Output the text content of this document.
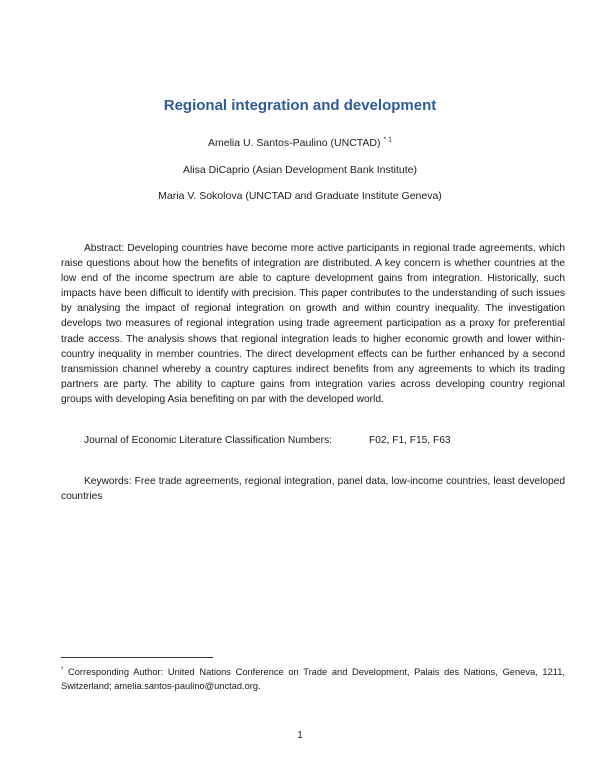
Regional integration and development
Amelia U. Santos-Paulino (UNCTAD) $^{* 1}$
Alisa DiCaprio (Asian Development Bank Institute)
Maria V. Sokolova (UNCTAD and Graduate Institute Geneva)

Abstract: Developing countries have become more active participants in regional trade agreements, which raise questions about how the benefits of integration are distributed. A key concern is whether countries at the low end of the income spectrum are able to capture development gains from integration. Historically, such impacts have been difficult to identify with precision. This paper contributes to the understanding of such issues by analysing the impact of regional integration on growth and within country inequality. The investigation develops two measures of regional integration using trade agreement participation as a proxy for preferential trade access. The analysis shows that regional integration leads to higher economic growth and lower within-country inequality in member countries. The direct development effects can be further enhanced by a second transmission channel whereby a country captures indirect benefits from any agreements to which its trading partners are party. The ability to capture gains from integration varies across developing country regional groups with developing Asia benefiting on par with the developed world.

Journal of Economic Literature Classification Numbers:	F02, F1, F15, F63

Keywords: Free trade agreements, regional integration, panel data, low-income countries, least developed countries

* Corresponding Author: United Nations Conference on Trade and Development, Palais des Nations, Geneva, 1211, Switzerland; amelia.santos-paulino@unctad.org.

1
